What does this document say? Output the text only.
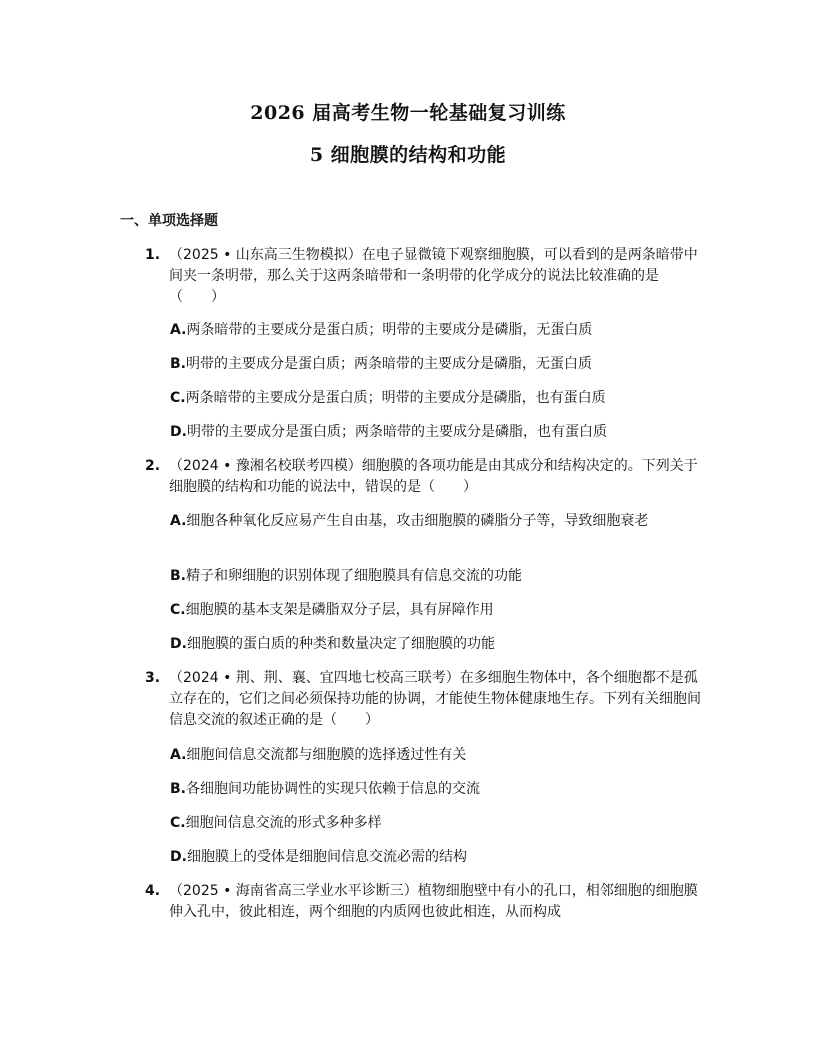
2026 届高考生物一轮基础复习训练
5 细胞膜的结构和功能
一、单项选择题
1. （2025 • 山东高三生物模拟）在电子显微镜下观察细胞膜，可以看到的是两条暗带中间夹一条明带，那么关于这两条暗带和一条明带的化学成分的说法比较准确的是（　　）
A.两条暗带的主要成分是蛋白质；明带的主要成分是磷脂，无蛋白质
B.明带的主要成分是蛋白质；两条暗带的主要成分是磷脂，无蛋白质
C.两条暗带的主要成分是蛋白质；明带的主要成分是磷脂，也有蛋白质
D.明带的主要成分是蛋白质；两条暗带的主要成分是磷脂，也有蛋白质
2. （2024 • 豫湘名校联考四模）细胞膜的各项功能是由其成分和结构决定的。下列关于细胞膜的结构和功能的说法中，错误的是（　　）
A.细胞各种氧化反应易产生自由基，攻击细胞膜的磷脂分子等，导致细胞衰老
B.精子和卵细胞的识别体现了细胞膜具有信息交流的功能
C.细胞膜的基本支架是磷脂双分子层，具有屏障作用
D.细胞膜的蛋白质的种类和数量决定了细胞膜的功能
3. （2024 • 荆、荆、襄、宜四地七校高三联考）在多细胞生物体中，各个细胞都不是孤立存在的，它们之间必须保持功能的协调，才能使生物体健康地生存。下列有关细胞间信息交流的叙述正确的是（　　）
A.细胞间信息交流都与细胞膜的选择透过性有关
B.各细胞间功能协调性的实现只依赖于信息的交流
C.细胞间信息交流的形式多种多样
D.细胞膜上的受体是细胞间信息交流必需的结构
4. （2025 • 海南省高三学业水平诊断三）植物细胞壁中有小的孔口，相邻细胞的细胞膜伸入孔中，彼此相连，两个细胞的内质网也彼此相连，从而构成
